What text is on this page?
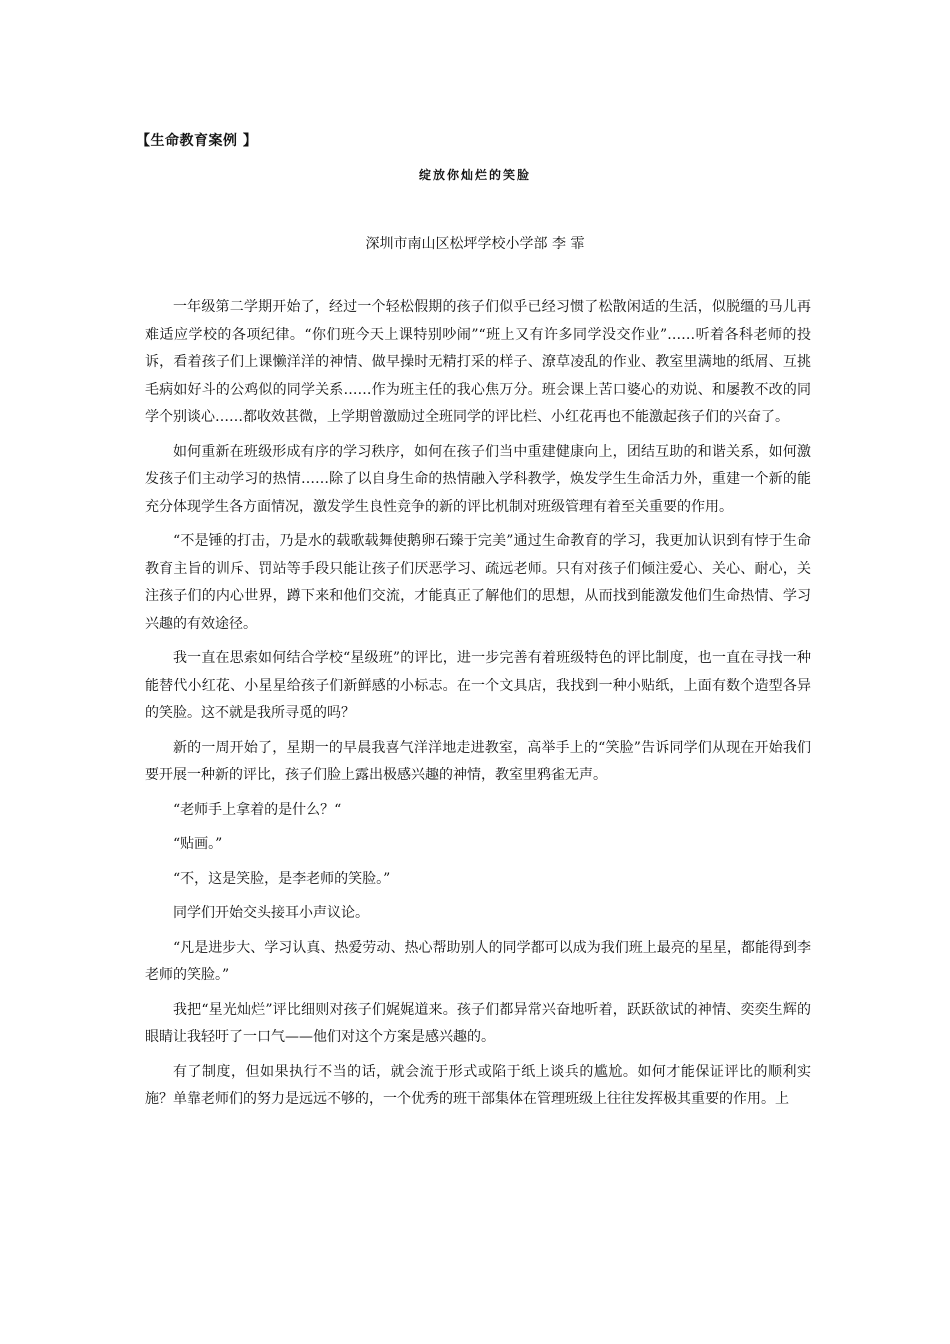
【生命教育案例 】
绽放你灿烂的笑脸
深圳市南山区松坪学校小学部 李 霏

一年级第二学期开始了，经过一个轻松假期的孩子们似乎已经习惯了松散闲适的生活，似脱缰的马儿再难适应学校的各项纪律。“你们班今天上课特别吵闹”“班上又有许多同学没交作业”……听着各科老师的投诉，看着孩子们上课懒洋洋的神情、做早操时无精打采的样子、潦草凌乱的作业、教室里满地的纸屑、互挑毛病如好斗的公鸡似的同学关系……作为班主任的我心焦万分。班会课上苦口婆心的劝说、和屡教不改的同学个别谈心……都收效甚微，上学期曾激励过全班同学的评比栏、小红花再也不能激起孩子们的兴奋了。

如何重新在班级形成有序的学习秩序，如何在孩子们当中重建健康向上，团结互助的和谐关系，如何激发孩子们主动学习的热情……除了以自身生命的热情融入学科教学，焕发学生生命活力外，重建一个新的能充分体现学生各方面情况，激发学生良性竞争的新的评比机制对班级管理有着至关重要的作用。

“不是锤的打击，乃是水的载歌载舞使鹅卵石臻于完美”通过生命教育的学习，我更加认识到有悖于生命教育主旨的训斥、罚站等手段只能让孩子们厌恶学习、疏远老师。只有对孩子们倾注爱心、关心、耐心，关注孩子们的内心世界，蹲下来和他们交流，才能真正了解他们的思想，从而找到能激发他们生命热情、学习兴趣的有效途径。

我一直在思索如何结合学校“星级班”的评比，进一步完善有着班级特色的评比制度，也一直在寻找一种能替代小红花、小星星给孩子们新鲜感的小标志。在一个文具店，我找到一种小贴纸，上面有数个造型各异的笑脸。这不就是我所寻觅的吗？

新的一周开始了，星期一的早晨我喜气洋洋地走进教室，高举手上的“笑脸”告诉同学们从现在开始我们要开展一种新的评比，孩子们脸上露出极感兴趣的神情，教室里鸦雀无声。

“老师手上拿着的是什么？“

“贴画。”

“不，这是笑脸，是李老师的笑脸。”

同学们开始交头接耳小声议论。

“凡是进步大、学习认真、热爱劳动、热心帮助别人的同学都可以成为我们班上最亮的星星，都能得到李老师的笑脸。”

我把“星光灿烂”评比细则对孩子们娓娓道来。孩子们都异常兴奋地听着，跃跃欲试的神情、奕奕生辉的眼睛让我轻吁了一口气——他们对这个方案是感兴趣的。

有了制度，但如果执行不当的话，就会流于形式或陷于纸上谈兵的尴尬。如何才能保证评比的顺利实施？单靠老师们的努力是远远不够的，一个优秀的班干部集体在管理班级上往往发挥极其重要的作用。上
